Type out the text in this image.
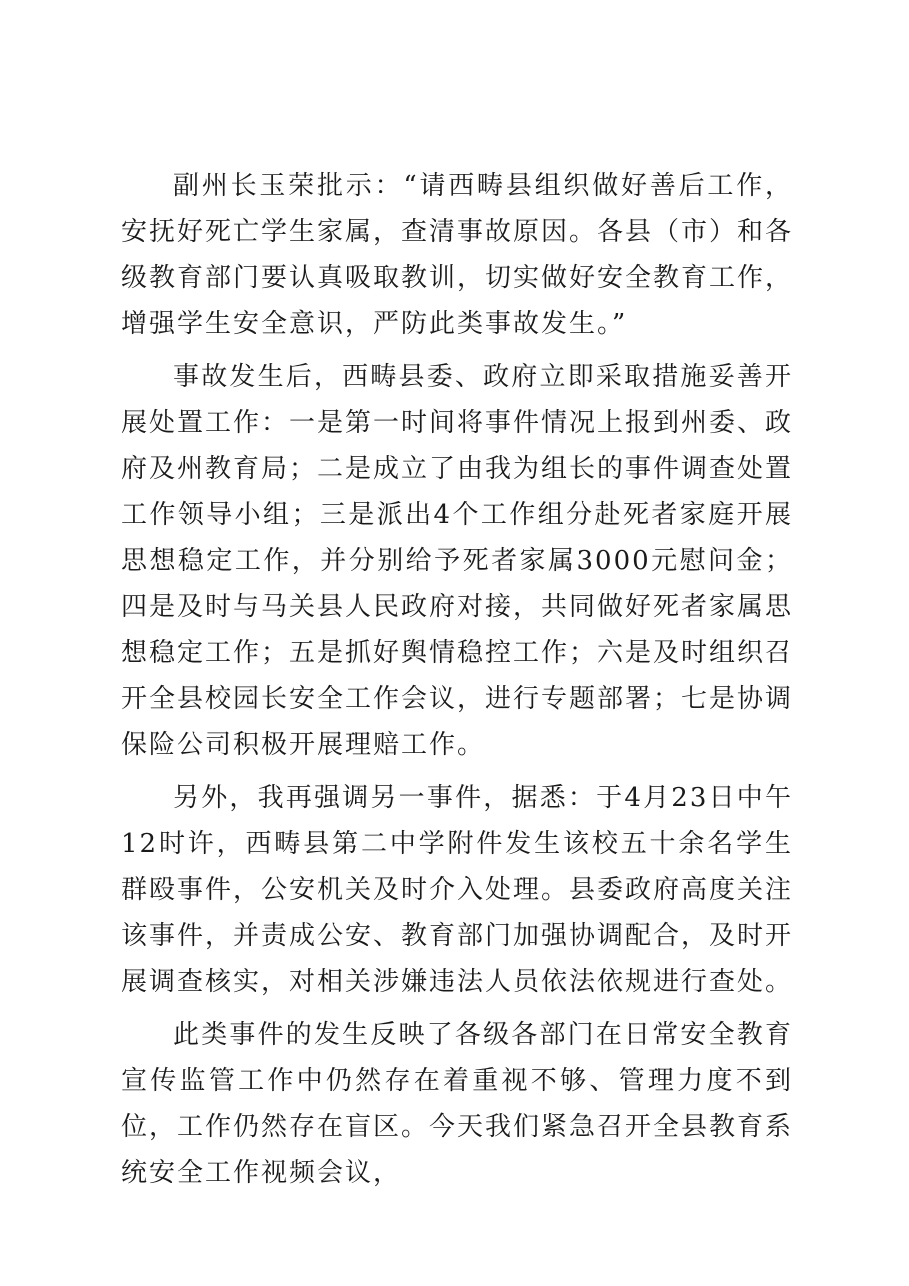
副州长玉荣批示：“请西畴县组织做好善后工作，安抚好死亡学生家属，查清事故原因。各县（市）和各级教育部门要认真吸取教训，切实做好安全教育工作，增强学生安全意识，严防此类事故发生。”

事故发生后，西畴县委、政府立即采取措施妥善开展处置工作：一是第一时间将事件情况上报到州委、政府及州教育局；二是成立了由我为组长的事件调查处置工作领导小组；三是派出4个工作组分赴死者家庭开展思想稳定工作，并分别给予死者家属3000元慰问金；四是及时与马关县人民政府对接，共同做好死者家属思想稳定工作；五是抓好舆情稳控工作；六是及时组织召开全县校园长安全工作会议，进行专题部署；七是协调保险公司积极开展理赔工作。

另外，我再强调另一事件，据悉：于4月23日中午12时许，西畴县第二中学附件发生该校五十余名学生群殴事件，公安机关及时介入处理。县委政府高度关注该事件，并责成公安、教育部门加强协调配合，及时开展调查核实，对相关涉嫌违法人员依法依规进行查处。

此类事件的发生反映了各级各部门在日常安全教育宣传监管工作中仍然存在着重视不够、管理力度不到位，工作仍然存在盲区。今天我们紧急召开全县教育系统安全工作视频会议，
